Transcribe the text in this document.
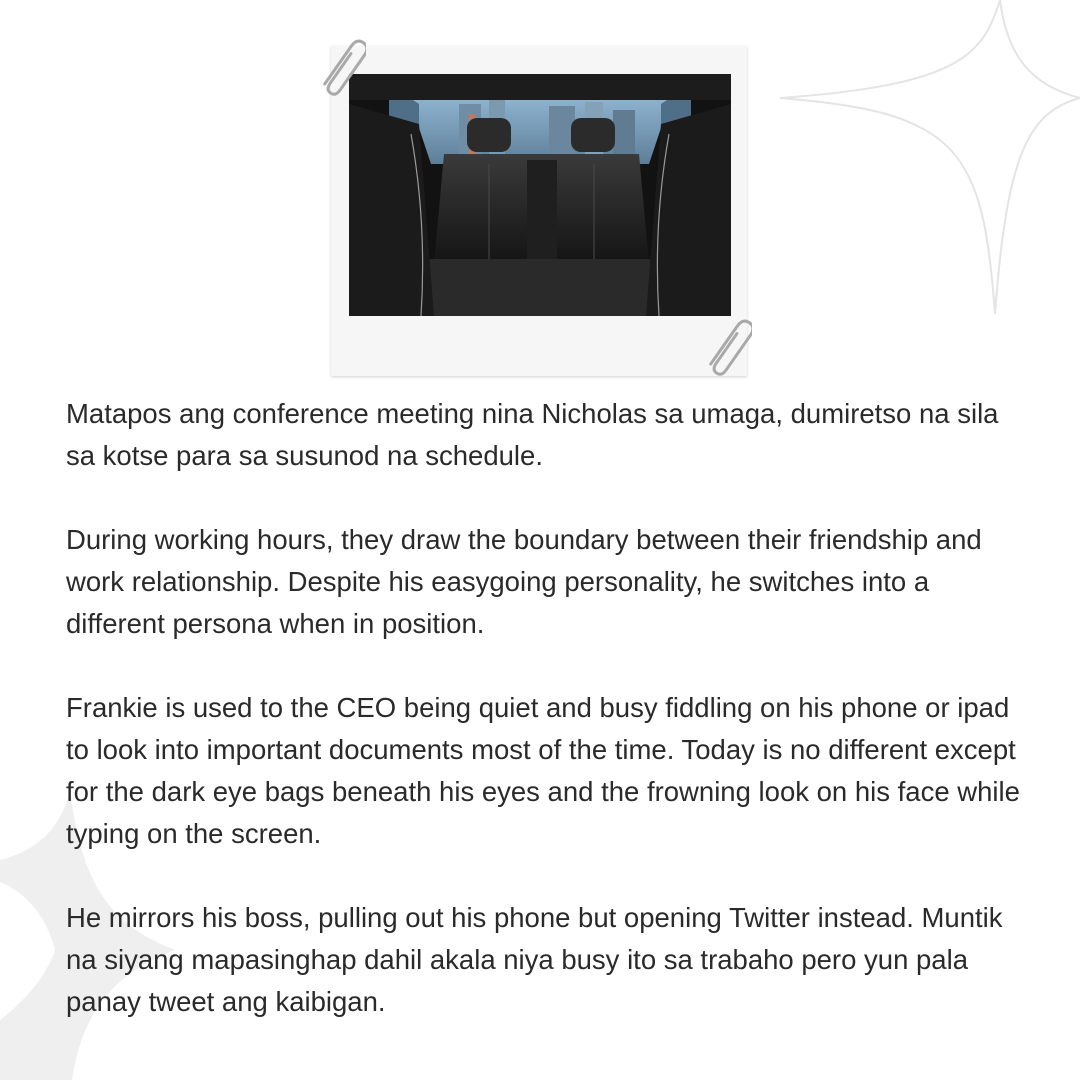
Matapos ang conference meeting nina Nicholas sa umaga, dumiretso na sila sa kotse para sa susunod na schedule.

During working hours, they draw the boundary between their friendship and work relationship. Despite his easygoing personality, he switches into a different persona when in position.

Frankie is used to the CEO being quiet and busy fiddling on his phone or ipad to look into important documents most of the time. Today is no different except for the dark eye bags beneath his eyes and the frowning look on his face while typing on the screen.

He mirrors his boss, pulling out his phone but opening Twitter instead. Muntik na siyang mapasinghap dahil akala niya busy ito sa trabaho pero yun pala panay tweet ang kaibigan.
